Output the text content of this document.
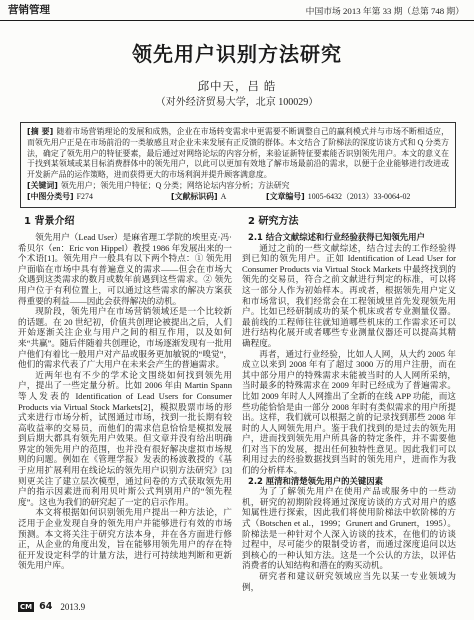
营销管理	中国市场 2013 年第 33 期（总第 748 期）
领先用户识别方法研究
邱中天，吕 皓
（对外经济贸易大学，北京 100029）
[摘 要] 随着市场营销理论的发展和成熟，企业在市场转变需求中更需要不断调整自己的赢利模式并与市场不断相适应，而领先用户正是在市场前沿的一类敏感且对企业未来发展有正反馈的群体。本文结合了阶梯法的深度访谈方式和 Q 分类方法，确定了领先用户的特征要素，最后通过对网络论坛的内容分析，来验证新特征要素能否识别领先用户。本文的意义在于找到某领域或某目标消费群体中的领先用户，以此可以更加有效地了解市场最前沿的需求，以便于企业能够进行改进或开发新产品的运作策略，进而获得更大的市场利润并提升顾客满意度。
[关键词] 领先用户；领先用户特征；Q 分类；网络论坛内容分析；方法研究
[中图分类号] F274	[文献标识码] A	[文章编号] 1005-6432（2013）33-0064-02
1 背景介绍

领先用户（Lead User）是麻省理工学院的埃里克·冯·希贝尔（en：Eric von Hippel）教授 1986 年发展出来的一个术语[1]。领先用户一般具有以下两个特点：① 领先用户面临在市场中具有普遍意义的需求——但会在市场大众遇到这类需求的数月或数年前遇到这些需求。② 领先用户位于有利位置上，可以通过这些需求的解决方案获得重要的利益——因此会获得解决的动机。

现阶段，领先用户在市场营销领域还是一个比较新的话题。在 20 世纪初，价值共创理论被提出之后，人们开始逐渐关注企业与用户之间的相互作用，以及如何来“共赢”。随后伴随着共创理论，市场逐渐发现有一批用户他们有着比一般用户对产品或服务更加敏锐的“嗅觉”，他们的需求代表了广大用户在未来会产生的普遍需求。

近两年也有不少的学术论文围绕如何找到领先用户，提出了一些定量分析。比如 2006 年由 Martin Spann 等人发表的 Identification of Lead Users for Consumer Products via Virtual Stock Markets[2]，模拟股票市场的形式来进行市场分析，试图通过市场，找到一批长期有较高收益率的交易员，而他们的需求信息恰恰是模拟发展到后期大都具有领先用户效果。但文章并没有给出明确界定的领先用户的范围，也并没有很好解决虚拟市场规则的问题。例如在《管理学报》发表的杨波教授的《基于应用扩展利用在线论坛的领先用户识别方法研究》[3] 则更关注了建立层次模型，通过问卷的方式获取领先用户的指示因素进而利用贝叶斯公式判别用户的“领先程度”。这也为我们的研究起了一定的启示作用。

本文将根据如何识别领先用户提出一种方法论，广泛用于企业发现自身的领先用户并能够进行有效的市场预测。本文将关注于研究方法本身，并在各方面进行修正，从企业的角度出发，旨在能够用领先用户的存在特征开发设定科学的计量方法，进行可持续地判断和更新领先用户库。

2 研究方法
2.1 结合文献综述和行业经验获得已知领先用户

通过之前的一些文献综述，结合过去的工作经验得到已知的领先用户。正如 Identification of Lead User for Consumer Products via Virtual Stock Markets 中最终找到的领先的交易员，符合之前文献进行判定的标准，可以将这一部分人作为初始样本。再或者，根据领先用户定义和市场常识，我们经常会在工程领域里首先发现领先用户。比如已经研制成功的某个机床或者专业测量仪器。最前线的工程师往往就知道哪些机床的工作需求还可以进行结构化展开或者哪些专业测量仪器还可以提高其精确程度。

再者，通过行业经验，比如人人网，从大约 2005 年成立以来到 2008 年有了超过 3000 万的用户注册，而在其中部分用户的特殊需求未能被当时的人人网所采纳，当时最多的特殊需求在 2009 年时已经成为了普遍需求。比如 2009 年时人人网推出了全新的在线 APP 功能，而这些功能恰恰是由一部分 2008 年时有类似需求的用户所提出。这样，我们就可以根据之前的记录找到那些 2008 年时的人人网领先用户。鉴于我们找到的是过去的领先用户，进而找到领先用户所具备的特定条件，并不需要他们对当下的发展，提出任何独特性意见。因此我们可以利用过去的经验数据找到当时的领先用户，进而作为我们的分析样本。

2.2 厘清和清楚领先用户的关键因素

为了了解领先用户在使用产品或服务中的一些动机，研究的初期阶段将通过深度访谈的方式对用户的感知属性进行探索，因此我们将使用阶梯法中软阶梯的方式（Botschen et al.，1999；Grunert and Grunert，1995）。阶梯法是一种针对个人深入访谈的技术，在他们的访谈过程中，尽可能少的限制受访者，而通过深度追问以达到核心的一种认知方法。这是一个公认的方法，以评估消费者的认知结构和潜在的购买动机。

研究者和建议研究领域应当先以某一专业领域为例，

CM 64 2013.9
